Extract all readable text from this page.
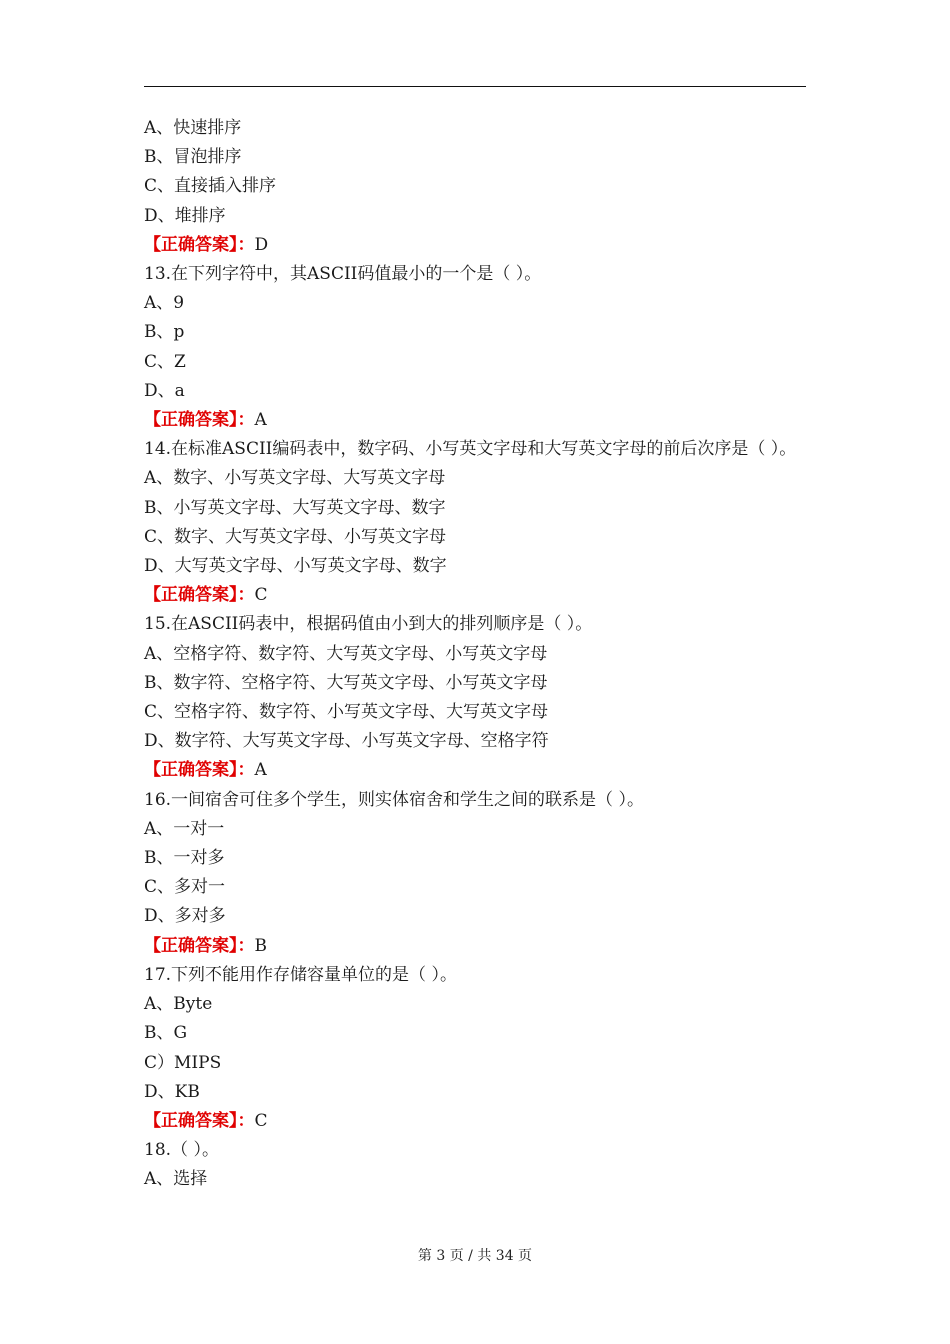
A、快速排序
B、冒泡排序
C、直接插入排序
D、堆排序
【正确答案】：D
13.在下列字符中，其ASCII码值最小的一个是（ ）。
A、9
B、p
C、Z
D、a
【正确答案】：A
14.在标准ASCII编码表中，数字码、小写英文字母和大写英文字母的前后次序是（ ）。
A、数字、小写英文字母、大写英文字母
B、小写英文字母、大写英文字母、数字
C、数字、大写英文字母、小写英文字母
D、大写英文字母、小写英文字母、数字
【正确答案】：C
15.在ASCII码表中，根据码值由小到大的排列顺序是（ ）。
A、空格字符、数字符、大写英文字母、小写英文字母
B、数字符、空格字符、大写英文字母、小写英文字母
C、空格字符、数字符、小写英文字母、大写英文字母
D、数字符、大写英文字母、小写英文字母、空格字符
【正确答案】：A
16.一间宿舍可住多个学生，则实体宿舍和学生之间的联系是（ ）。
A、一对一
B、一对多
C、多对一
D、多对多
【正确答案】：B
17.下列不能用作存储容量单位的是（ ）。
A、Byte
B、G
C）MIPS
D、KB
【正确答案】：C
18.（ ）。
A、选择
第 3 页 / 共 34 页
